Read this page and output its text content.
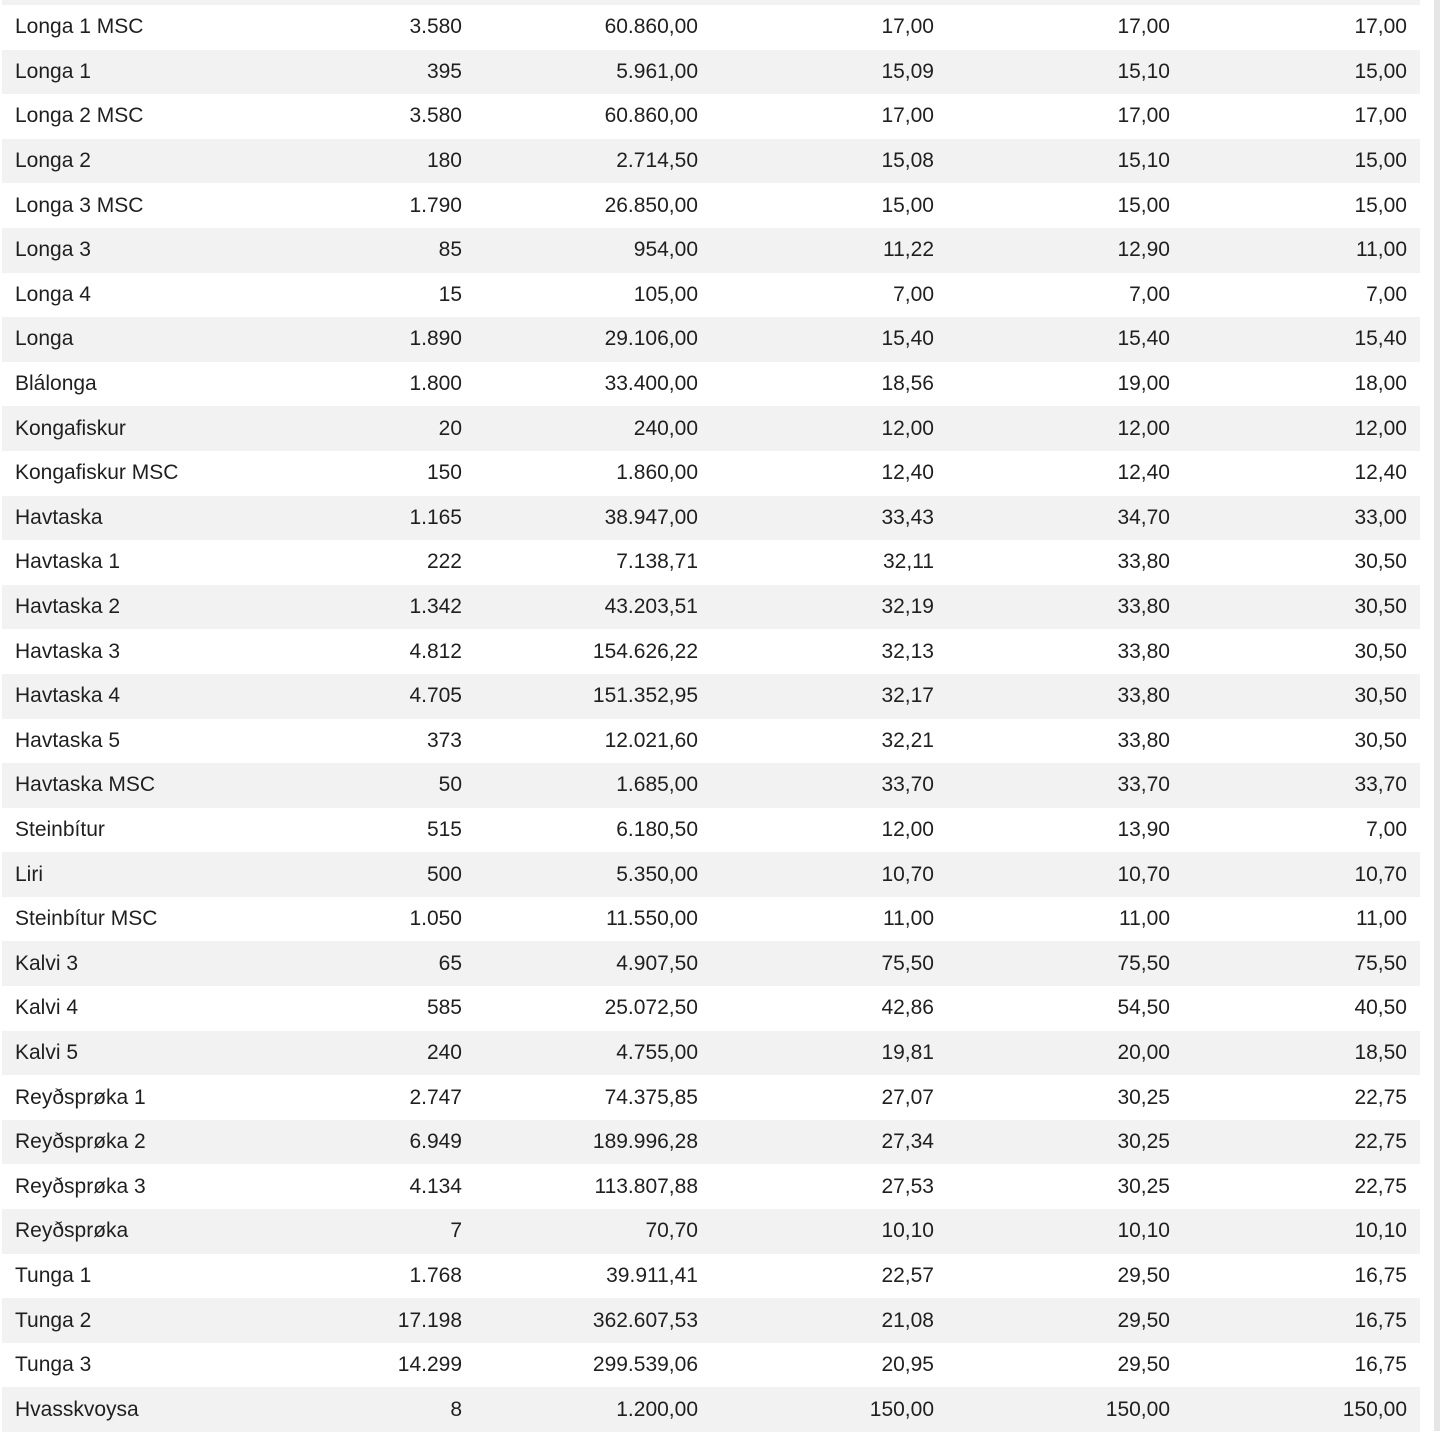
Longa 1 MSC	3.580	60.860,00	17,00	17,00	17,00
Longa 1	395	5.961,00	15,09	15,10	15,00
Longa 2 MSC	3.580	60.860,00	17,00	17,00	17,00
Longa 2	180	2.714,50	15,08	15,10	15,00
Longa 3 MSC	1.790	26.850,00	15,00	15,00	15,00
Longa 3	85	954,00	11,22	12,90	11,00
Longa 4	15	105,00	7,00	7,00	7,00
Longa	1.890	29.106,00	15,40	15,40	15,40
Blálonga	1.800	33.400,00	18,56	19,00	18,00
Kongafiskur	20	240,00	12,00	12,00	12,00
Kongafiskur MSC	150	1.860,00	12,40	12,40	12,40
Havtaska	1.165	38.947,00	33,43	34,70	33,00
Havtaska 1	222	7.138,71	32,11	33,80	30,50
Havtaska 2	1.342	43.203,51	32,19	33,80	30,50
Havtaska 3	4.812	154.626,22	32,13	33,80	30,50
Havtaska 4	4.705	151.352,95	32,17	33,80	30,50
Havtaska 5	373	12.021,60	32,21	33,80	30,50
Havtaska MSC	50	1.685,00	33,70	33,70	33,70
Steinbítur	515	6.180,50	12,00	13,90	7,00
Liri	500	5.350,00	10,70	10,70	10,70
Steinbítur MSC	1.050	11.550,00	11,00	11,00	11,00
Kalvi 3	65	4.907,50	75,50	75,50	75,50
Kalvi 4	585	25.072,50	42,86	54,50	40,50
Kalvi 5	240	4.755,00	19,81	20,00	18,50
Reyðsprøka 1	2.747	74.375,85	27,07	30,25	22,75
Reyðsprøka 2	6.949	189.996,28	27,34	30,25	22,75
Reyðsprøka 3	4.134	113.807,88	27,53	30,25	22,75
Reyðsprøka	7	70,70	10,10	10,10	10,10
Tunga 1	1.768	39.911,41	22,57	29,50	16,75
Tunga 2	17.198	362.607,53	21,08	29,50	16,75
Tunga 3	14.299	299.539,06	20,95	29,50	16,75
Hvasskvoysa	8	1.200,00	150,00	150,00	150,00
